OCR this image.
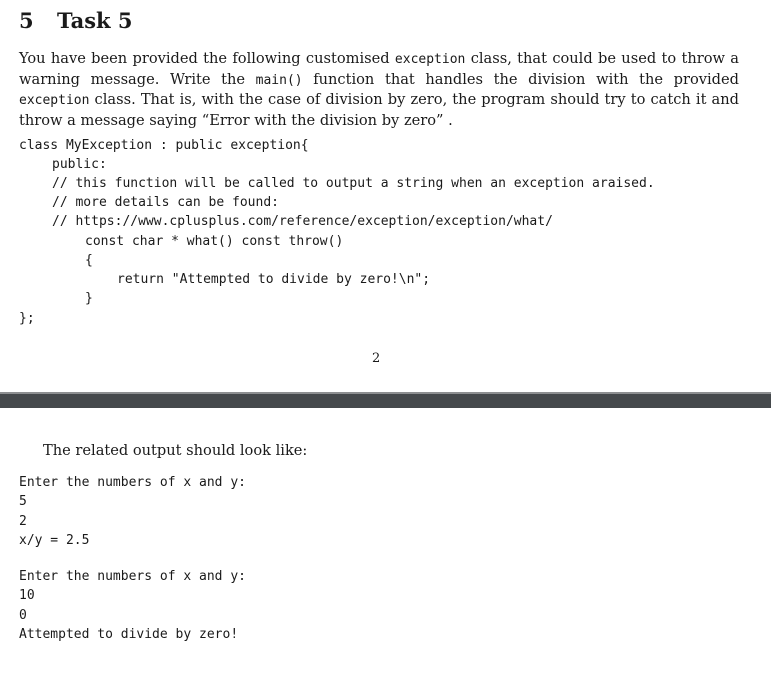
5 Task 5
You have been provided the following customised exception class, that could be used to throw a warning message. Write the main() function that handles the division with the provided exception class. That is, with the case of division by zero, the program should try to catch it and throw a message saying “Error with the division by zero” .
class MyException : public exception{
public:
// this function will be called to output a string when an exception araised.
// more details can be found:
// https://www.cplusplus.com/reference/exception/exception/what/
const char * what() const throw()
{
return "Attempted to divide by zero!\n";
}
};
2
The related output should look like:
Enter the numbers of x and y:
5
2
x/y = 2.5
Enter the numbers of x and y:
10
0
Attempted to divide by zero!
